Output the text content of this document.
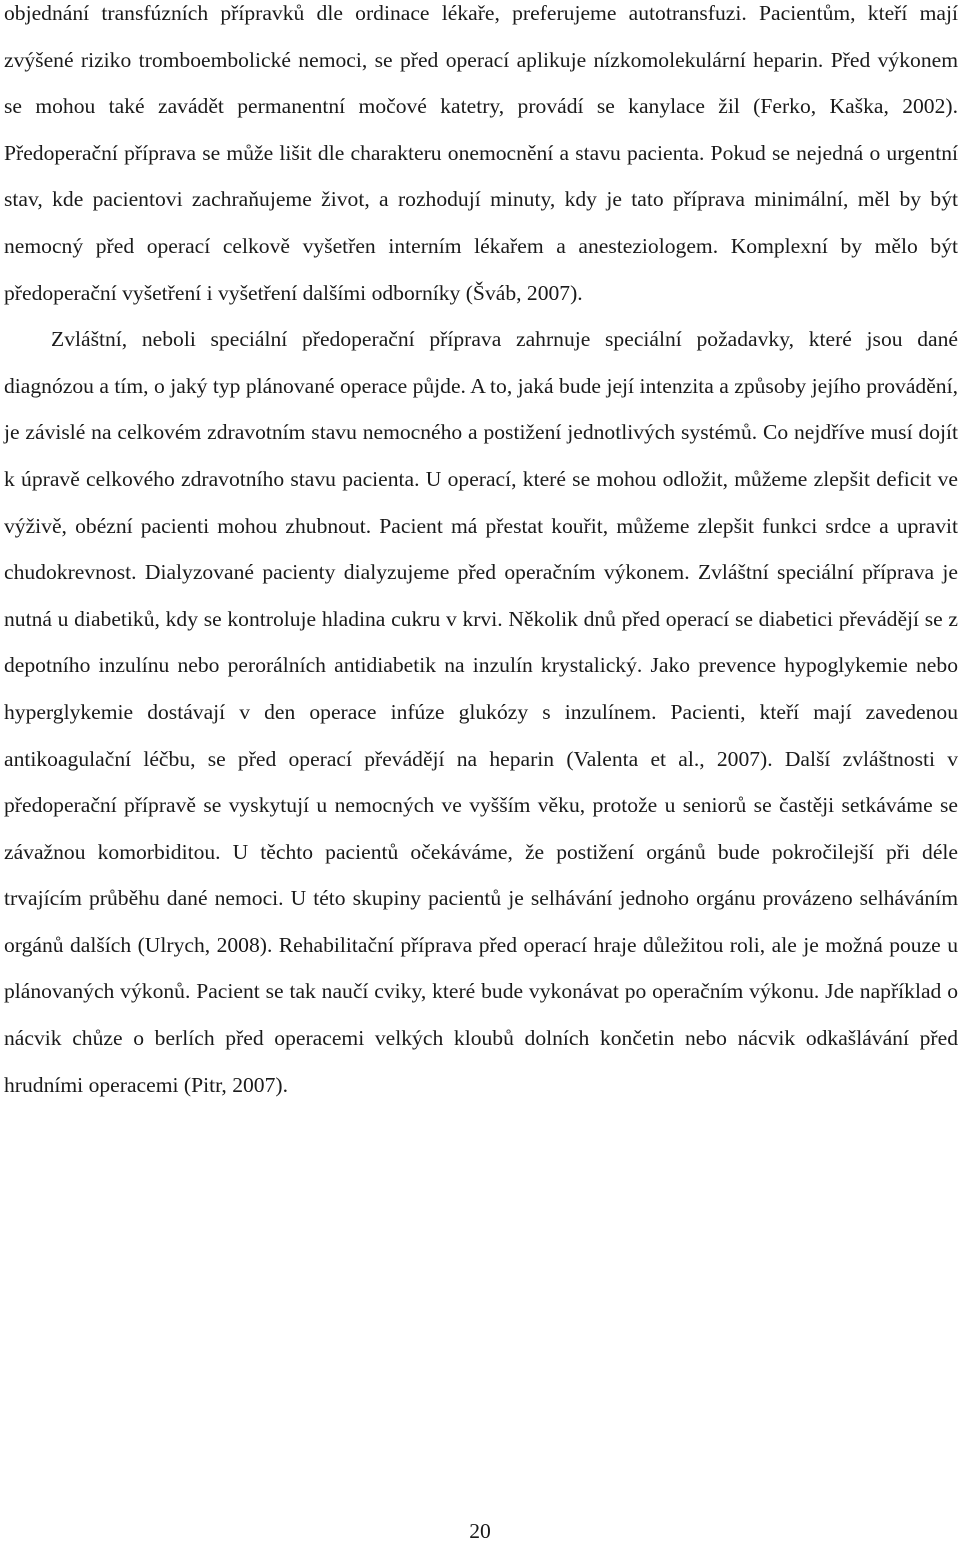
objednání transfúzních přípravků dle ordinace lékaře, preferujeme autotransfuzi. Pacientům, kteří mají zvýšené riziko tromboembolické nemoci, se před operací aplikuje nízkomolekulární heparin. Před výkonem se mohou také zavádět permanentní močové katetry, provádí se kanylace žil (Ferko, Kaška, 2002). Předoperační příprava se může lišit dle charakteru onemocnění a stavu pacienta. Pokud se nejedná o urgentní stav, kde pacientovi zachraňujeme život, a rozhodují minuty, kdy je tato příprava minimální, měl by být nemocný před operací celkově vyšetřen interním lékařem a anesteziologem. Komplexní by mělo být předoperační vyšetření i vyšetření dalšími odborníky (Šváb, 2007).

Zvláštní, neboli speciální předoperační příprava zahrnuje speciální požadavky, které jsou dané diagnózou a tím, o jaký typ plánované operace půjde. A to, jaká bude její intenzita a způsoby jejího provádění, je závislé na celkovém zdravotním stavu nemocného a postižení jednotlivých systémů. Co nejdříve musí dojít k úpravě celkového zdravotního stavu pacienta. U operací, které se mohou odložit, můžeme zlepšit deficit ve výživě, obézní pacienti mohou zhubnout. Pacient má přestat kouřit, můžeme zlepšit funkci srdce a upravit chudokrevnost. Dialyzované pacienty dialyzujeme před operačním výkonem. Zvláštní speciální příprava je nutná u diabetiků, kdy se kontroluje hladina cukru v krvi. Několik dnů před operací se diabetici převádějí se z depotního inzulínu nebo perorálních antidiabetik na inzulín krystalický. Jako prevence hypoglykemie nebo hyperglykemie dostávají v den operace infúze glukózy s inzulínem. Pacienti, kteří mají zavedenou antikoagulační léčbu, se před operací převádějí na heparin (Valenta et al., 2007). Další zvláštnosti v předoperační přípravě se vyskytují u nemocných ve vyšším věku, protože u seniorů se častěji setkáváme se závažnou komorbiditou. U těchto pacientů očekáváme, že postižení orgánů bude pokročilejší při déle trvajícím průběhu dané nemoci. U této skupiny pacientů je selhávání jednoho orgánu provázeno selháváním orgánů dalších (Ulrych, 2008). Rehabilitační příprava před operací hraje důležitou roli, ale je možná pouze u plánovaných výkonů. Pacient se tak naučí cviky, které bude vykonávat po operačním výkonu. Jde například o nácvik chůze o berlích před operacemi velkých kloubů dolních končetin nebo nácvik odkašlávání před hrudními operacemi (Pitr, 2007).

20
